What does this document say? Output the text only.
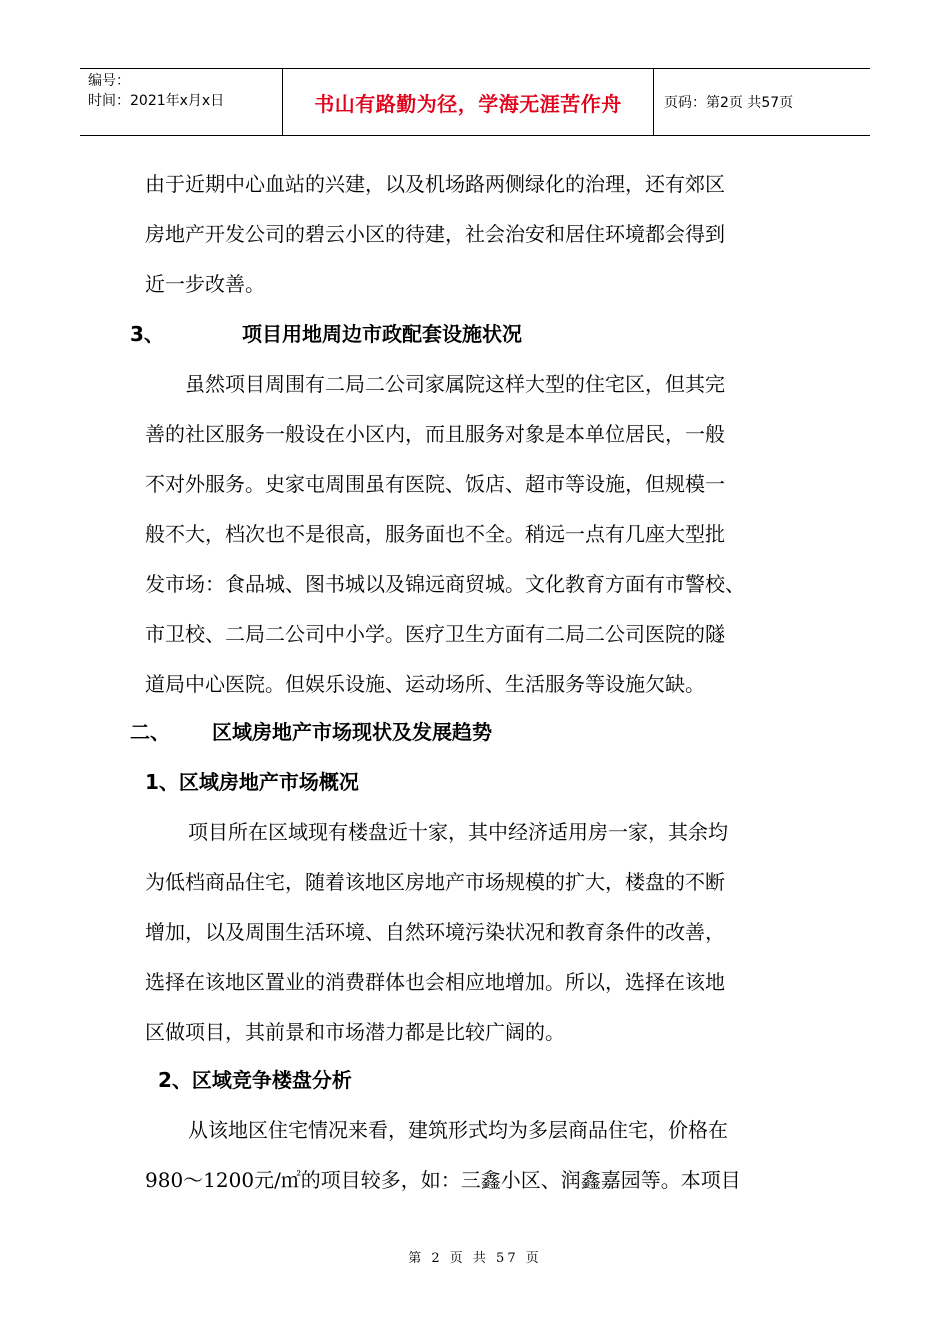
编号：
时间：2021年x月x日	书山有路勤为径，学海无涯苦作舟	页码：第2页 共57页
由于近期中心血站的兴建，以及机场路两侧绿化的治理，还有郊区
房地产开发公司的碧云小区的待建，社会治安和居住环境都会得到
近一步改善。
3、	项目用地周边市政配套设施状况
虽然项目周围有二局二公司家属院这样大型的住宅区，但其完
善的社区服务一般设在小区内，而且服务对象是本单位居民，一般
不对外服务。史家屯周围虽有医院、饭店、超市等设施，但规模一
般不大，档次也不是很高，服务面也不全。稍远一点有几座大型批
发市场：食品城、图书城以及锦远商贸城。文化教育方面有市警校、
市卫校、二局二公司中小学。医疗卫生方面有二局二公司医院的隧
道局中心医院。但娱乐设施、运动场所、生活服务等设施欠缺。
二、 区域房地产市场现状及发展趋势
1、区域房地产市场概况
项目所在区域现有楼盘近十家，其中经济适用房一家，其余均
为低档商品住宅，随着该地区房地产市场规模的扩大，楼盘的不断
增加，以及周围生活环境、自然环境污染状况和教育条件的改善，
选择在该地区置业的消费群体也会相应地增加。所以，选择在该地
区做项目，其前景和市场潜力都是比较广阔的。
2、区域竞争楼盘分析
从该地区住宅情况来看，建筑形式均为多层商品住宅，价格在
980～1200元/㎡的项目较多，如：三鑫小区、润鑫嘉园等。本项目
第 2 页 共 57 页
